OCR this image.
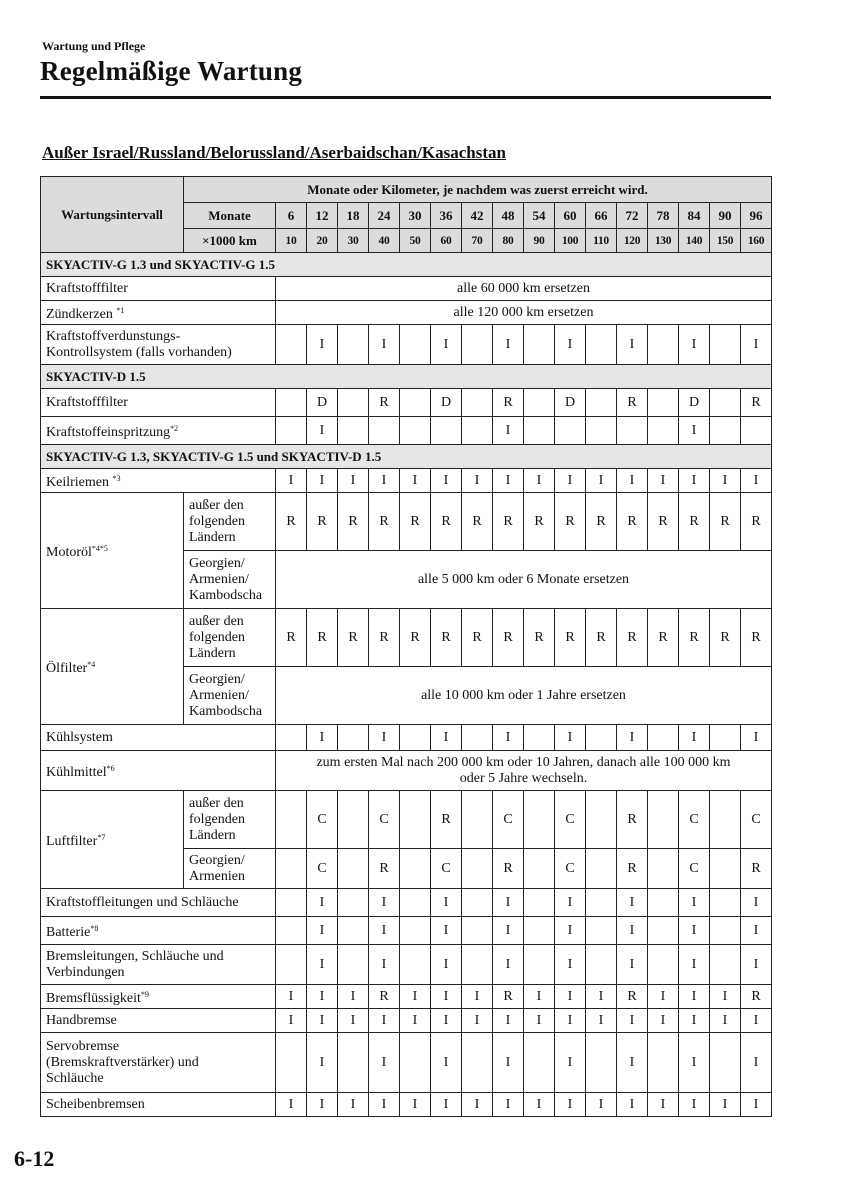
Wartung und Pflege
Regelmäßige Wartung
Außer Israel/Russland/Belorussland/Aserbaidschan/Kasachstan
Wartungsintervall	Monate oder Kilometer, je nachdem was zuerst erreicht wird.																
	Monate	6	12	18	24	30	36	42	48	54	60	66	72	78	84	90	96
	×1000 km	10	20	30	40	50	60	70	80	90	100	110	120	130	140	150	160
SKYACTIV-G 1.3 und SKYACTIV-G 1.5																	
Kraftstofffilter		alle 60 000 km ersetzen															
Zündkerzen $^{*1}$		alle 120 000 km ersetzen															
Kraftstoffverdunstungs-
Kontrollsystem (falls vorhanden)			I		I		I		I		I		I		I		I
SKYACTIV-D 1.5																	
Kraftstofffilter			D		R		D		R		D		R		D		R
Kraftstoffeinspritzung$^{*2}$			I						I						I		
SKYACTIV-G 1.3, SKYACTIV-G 1.5 und SKYACTIV-D 1.5																	
Keilriemen $^{*3}$		I	I	I	I	I	I	I	I	I	I	I	I	I	I	I	I
Motoröl$^{*4*5}$	außer den
folgenden
Ländern	R	R	R	R	R	R	R	R	R	R	R	R	R	R	R	R
	Georgien/
Armenien/
Kambodscha	alle 5 000 km oder 6 Monate ersetzen															
Ölfilter$^{*4}$	außer den
folgenden
Ländern	R	R	R	R	R	R	R	R	R	R	R	R	R	R	R	R
	Georgien/
Armenien/
Kambodscha	alle 10 000 km oder 1 Jahre ersetzen															
Kühlsystem			I		I		I		I		I		I		I		I
Kühlmittel$^{*6}$		zum ersten Mal nach 200 000 km oder 10 Jahren, danach alle 100 000 km
oder 5 Jahre wechseln.															
Luftfilter$^{*7}$	außer den
folgenden
Ländern		C		C		R		C		C		R		C		C
	Georgien/
Armenien		C		R		C		R		C		R		C		R
Kraftstoffleitungen und Schläuche			I		I		I		I		I		I		I		I
Batterie$^{*8}$			I		I		I		I		I		I		I		I
Bremsleitungen, Schläuche und
Verbindungen			I		I		I		I		I		I		I		I
Bremsflüssigkeit$^{*9}$		I	I	I	R	I	I	I	R	I	I	I	R	I	I	I	R
Handbremse		I	I	I	I	I	I	I	I	I	I	I	I	I	I	I	I
Servobremse
(Bremskraftverstärker) und
Schläuche			I		I		I		I		I		I		I		I
Scheibenbremsen		I	I	I	I	I	I	I	I	I	I	I	I	I	I	I	I
6-12
